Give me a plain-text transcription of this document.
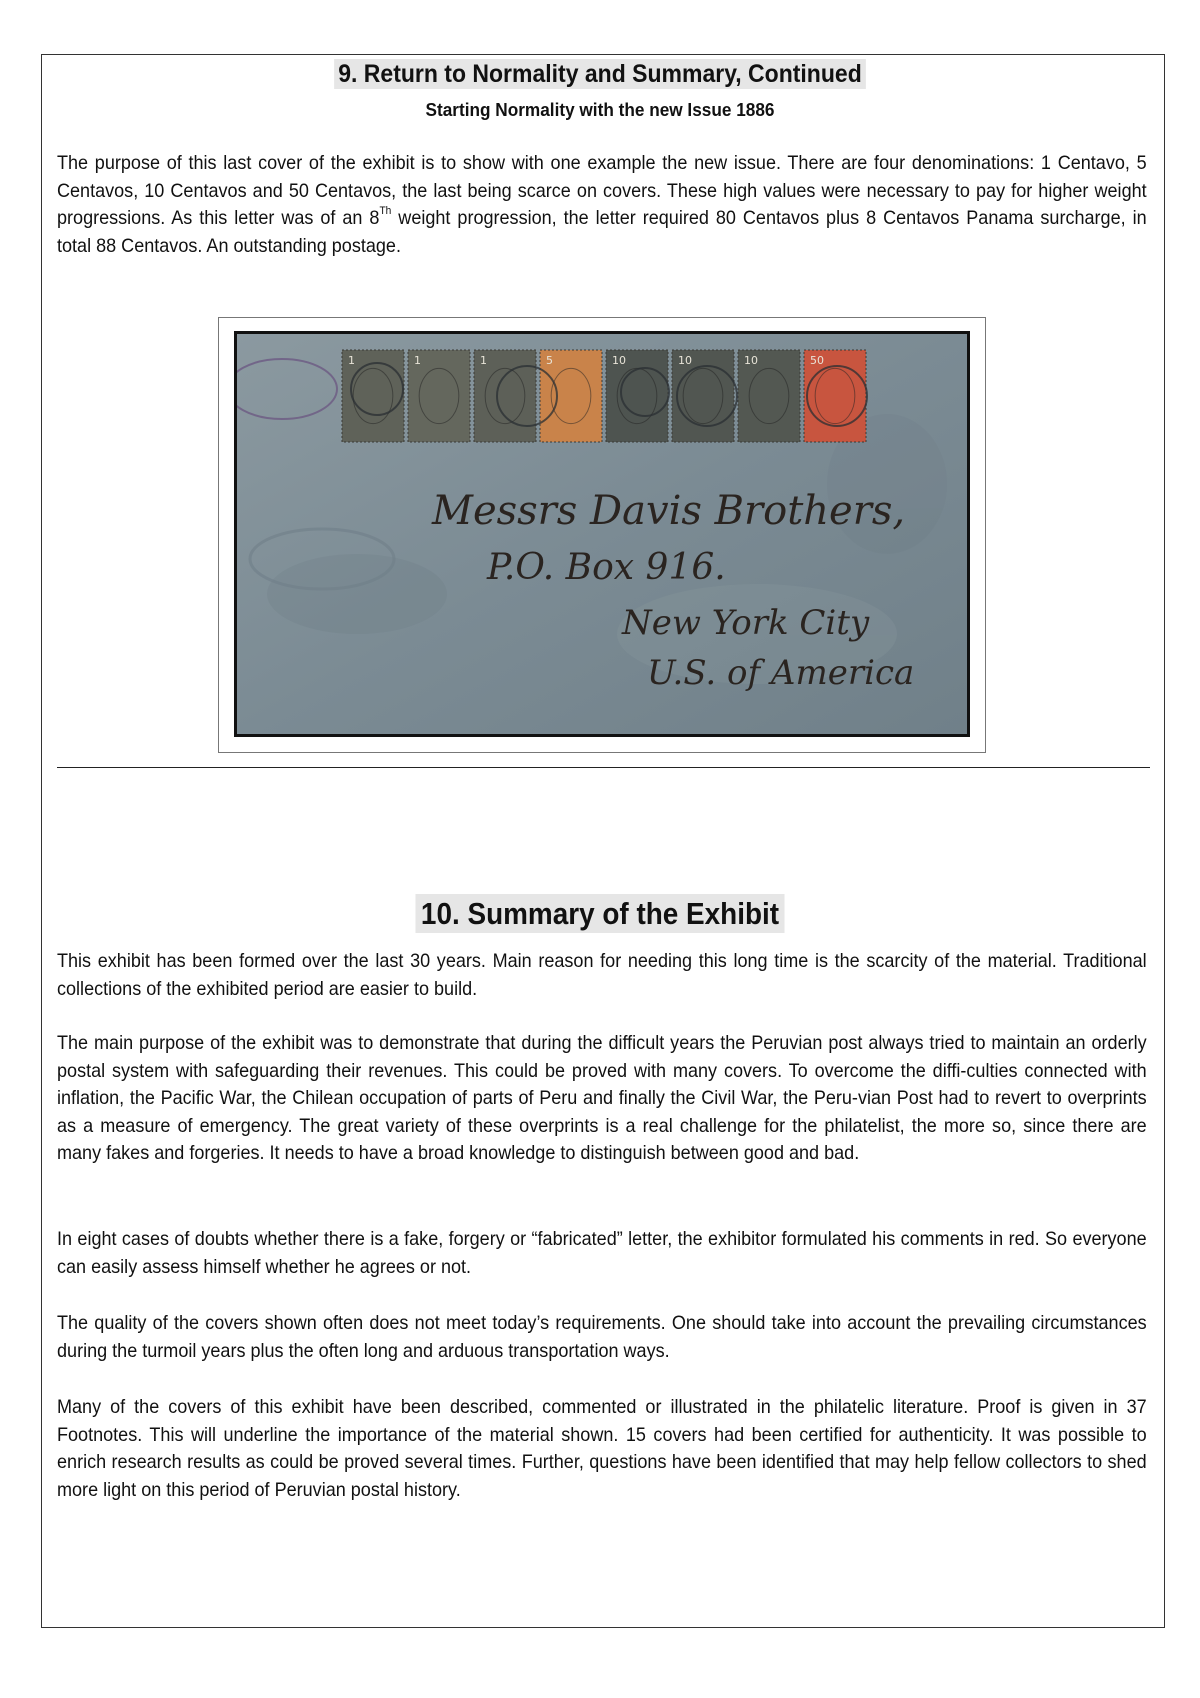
9. Return to Normality and Summary, Continued
Starting Normality with the new Issue 1886
The purpose of this last cover of the exhibit is to show with one example the new issue. There are four denominations: 1 Centavo, 5 Centavos, 10 Centavos and 50 Centavos, the last being scarce on covers. These high values were necessary to pay for higher weight progressions. As this letter was of an 8Th weight progression, the letter required 80 Centavos plus 8 Centavos Panama surcharge, in total 88 Centavos. An outstanding postage.
1	1	1	5	10	10	10	50
Messrs Davis Brothers,
P.O. Box 916.
New York City
U.S. of America
10. Summary of the Exhibit
This exhibit has been formed over the last 30 years. Main reason for needing this long time is the scarcity of the material. Traditional collections of the exhibited period are easier to build.
The main purpose of the exhibit was to demonstrate that during the difficult years the Peruvian post always tried to maintain an orderly postal system with safeguarding their revenues. This could be proved with many covers. To overcome the diffi-culties connected with inflation, the Pacific War, the Chilean occupation of parts of Peru and finally the Civil War, the Peru-vian Post had to revert to overprints as a measure of emergency. The great variety of these overprints is a real challenge for the philatelist, the more so, since there are many fakes and forgeries. It needs to have a broad knowledge to distinguish between good and bad.
In eight cases of doubts whether there is a fake, forgery or “fabricated” letter, the exhibitor formulated his comments in red. So everyone can easily assess himself whether he agrees or not.
The quality of the covers shown often does not meet today’s requirements. One should take into account the prevailing circumstances during the turmoil years plus the often long and arduous transportation ways.
Many of the covers of this exhibit have been described, commented or illustrated in the philatelic literature. Proof is given in 37 Footnotes. This will underline the importance of the material shown. 15 covers had been certified for authenticity. It was possible to enrich research results as could be proved several times. Further, questions have been identified that may help fellow collectors to shed more light on this period of Peruvian postal history.
